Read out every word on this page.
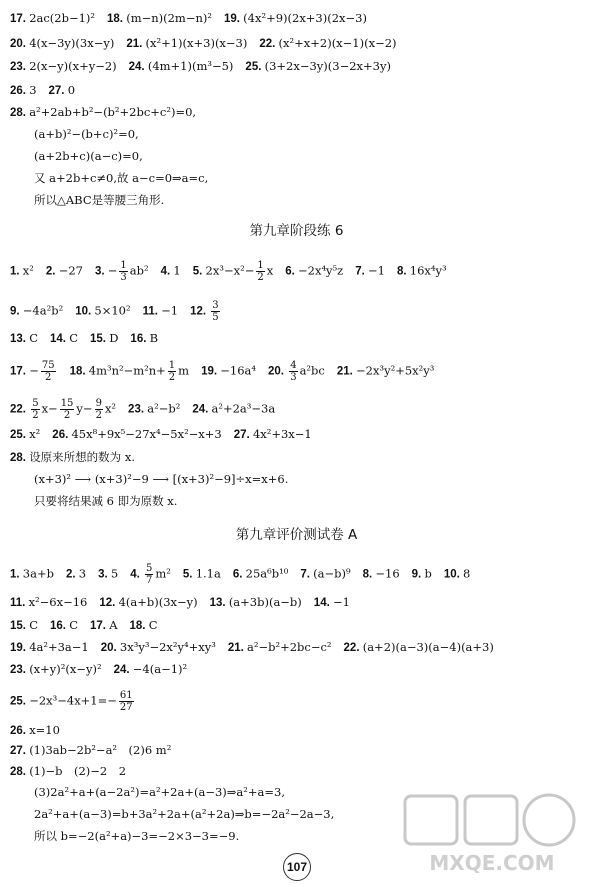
17. 2ac(2b−1)² 18. (m−n)(2m−n)² 19. (4x²+9)(2x+3)(2x−3)
20. 4(x−3y)(3x−y) 21. (x²+1)(x+3)(x−3) 22. (x²+x+2)(x−1)(x−2)
23. 2(x−y)(x+y−2) 24. (4m+1)(m³−5) 25. (3+2x−3y)(3−2x+3y)
26. 3 27. 0
28. a²+2ab+b²−(b²+2bc+c²)=0,
(a+b)²−(b+c)²=0,
(a+2b+c)(a−c)=0,
又 a+2b+c≠0,故 a−c=0⇒a=c,
所以△ABC是等腰三角形.
第九章阶段练 6
1. x² 2. −27 3. − $\frac{1}{3} ab^2$ 4. 1 5. $2x^3-x^2- \frac{1}{2}$ x 6. −2x⁴y⁵z 7. −1 8. 16x⁴y³
9. −4a²b² 10. 5×10² 11. −1 12. $\frac{3}{5}$
13. C 14. C 15. D 16. B
17. − $\frac{75}{2} 18$. $4m^3n^2-m^2n+ \frac{1}{2}$ m 19. −16a⁴ 20. $\frac{4}{3} a^2bc$ 21. −2x³y²+5x²y³
22. $\frac{5}{2} x- \frac{15}{2} y- \frac{9}{2} x^2$ 23. a²−b² 24. a²+2a³−3a
25. x² 26. 45x⁸+9x⁵−27x⁴−5x²−x+3 27. 4x²+3x−1
28. 设原来所想的数为 x.
(x+3)² ⟶ (x+3)²−9 ⟶ [(x+3)²−9]÷x=x+6.
只要将结果减 6 即为原数 x.
第九章评价测试卷 A
1. 3a+b 2. 3 3. 5 4. $\frac{5}{7} m^2$ 5. 1.1a 6. 25a⁶b¹⁰ 7. (a−b)⁹ 8. −16 9. b 10. 8
11. x²−6x−16 12. 4(a+b)(3x−y) 13. (a+3b)(a−b) 14. −1
15. C 16. C 17. A 18. C
19. 4a²+3a−1 20. 3x³y³−2x²y⁴+xy³ 21. a²−b²+2bc−c² 22. (a+2)(a−3)(a−4)(a+3)
23. (x+y)²(x−y)² 24. −4(a−1)²
25. $-2x^3-4x+1=- \frac{61}{27}$
26. x=10
27. (1)3ab−2b²−a²　(2)6 m²
28. (1)−b　(2)−2　2
(3)2a²+a+(a−2a²)=a²+2a+(a−3)⇒a²+a=3,
2a²+a+(a−3)=b+3a²+2a+(a²+2a)⇒b=−2a²−2a−3,
所以 b=−2(a²+a)−3=−2×3−3=−9.
107	MXQE.COM
